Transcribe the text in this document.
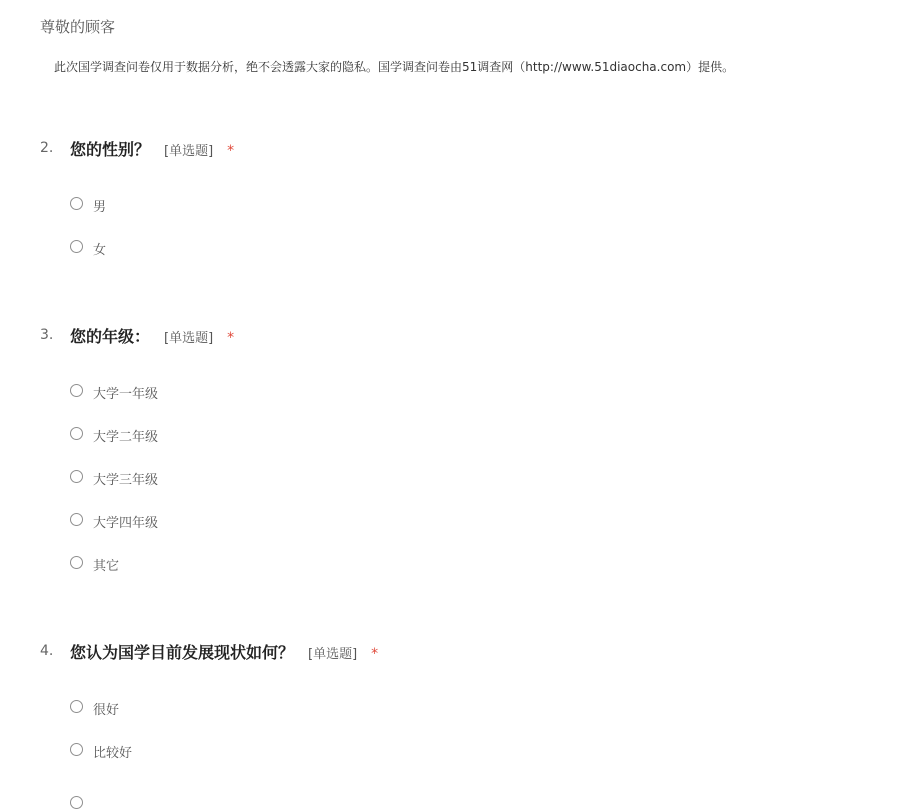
尊敬的顾客

此次国学调查问卷仅用于数据分析，绝不会透露大家的隐私。国学调查问卷由51调查网（http://www.51diaocha.com）提供。

2. 您的性别？ [单选题] *
男
女
3. 您的年级： [单选题] *
大学一年级
大学二年级
大学三年级
大学四年级
其它
4. 您认为国学目前发展现状如何？ [单选题] *
很好
比较好
